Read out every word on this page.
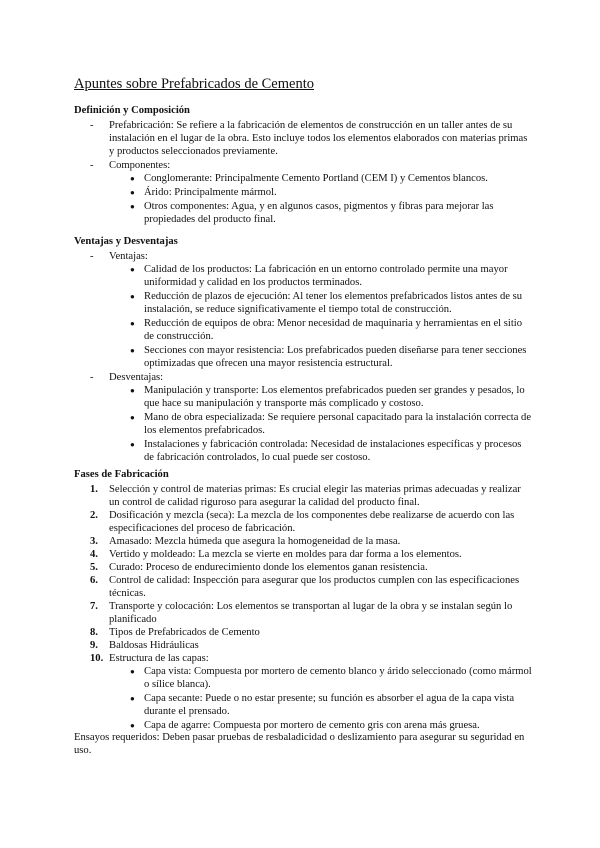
Apuntes sobre Prefabricados de Cemento
Definición y Composición
- Prefabricación: Se refiere a la fabricación de elementos de construcción en un taller antes de su instalación en el lugar de la obra. Esto incluye todos los elementos elaborados con materias primas y productos seleccionados previamente.
- Componentes:
● Conglomerante: Principalmente Cemento Portland (CEM I) y Cementos blancos.
● Árido: Principalmente mármol.
● Otros componentes: Agua, y en algunos casos, pigmentos y fibras para mejorar las propiedades del producto final.
Ventajas y Desventajas
- Ventajas:
● Calidad de los productos: La fabricación en un entorno controlado permite una mayor uniformidad y calidad en los productos terminados.
● Reducción de plazos de ejecución: Al tener los elementos prefabricados listos antes de su instalación, se reduce significativamente el tiempo total de construcción.
● Reducción de equipos de obra: Menor necesidad de maquinaria y herramientas en el sitio de construcción.
● Secciones con mayor resistencia: Los prefabricados pueden diseñarse para tener secciones optimizadas que ofrecen una mayor resistencia estructural.
- Desventajas:
● Manipulación y transporte: Los elementos prefabricados pueden ser grandes y pesados, lo que hace su manipulación y transporte más complicado y costoso.
● Mano de obra especializada: Se requiere personal capacitado para la instalación correcta de los elementos prefabricados.
● Instalaciones y fabricación controlada: Necesidad de instalaciones específicas y procesos de fabricación controlados, lo cual puede ser costoso.
Fases de Fabricación
1. Selección y control de materias primas: Es crucial elegir las materias primas adecuadas y realizar un control de calidad riguroso para asegurar la calidad del producto final.
2. Dosificación y mezcla (seca): La mezcla de los componentes debe realizarse de acuerdo con las especificaciones del proceso de fabricación.
3. Amasado: Mezcla húmeda que asegura la homogeneidad de la masa.
4. Vertido y moldeado: La mezcla se vierte en moldes para dar forma a los elementos.
5. Curado: Proceso de endurecimiento donde los elementos ganan resistencia.
6. Control de calidad: Inspección para asegurar que los productos cumplen con las especificaciones técnicas.
7. Transporte y colocación: Los elementos se transportan al lugar de la obra y se instalan según lo planificado
8. Tipos de Prefabricados de Cemento
9. Baldosas Hidráulicas
10. Estructura de las capas:
● Capa vista: Compuesta por mortero de cemento blanco y árido seleccionado (como mármol o sílice blanca).
● Capa secante: Puede o no estar presente; su función es absorber el agua de la capa vista durante el prensado.
● Capa de agarre: Compuesta por mortero de cemento gris con arena más gruesa.

Ensayos requeridos: Deben pasar pruebas de resbaladicidad o deslizamiento para asegurar su seguridad en uso.
